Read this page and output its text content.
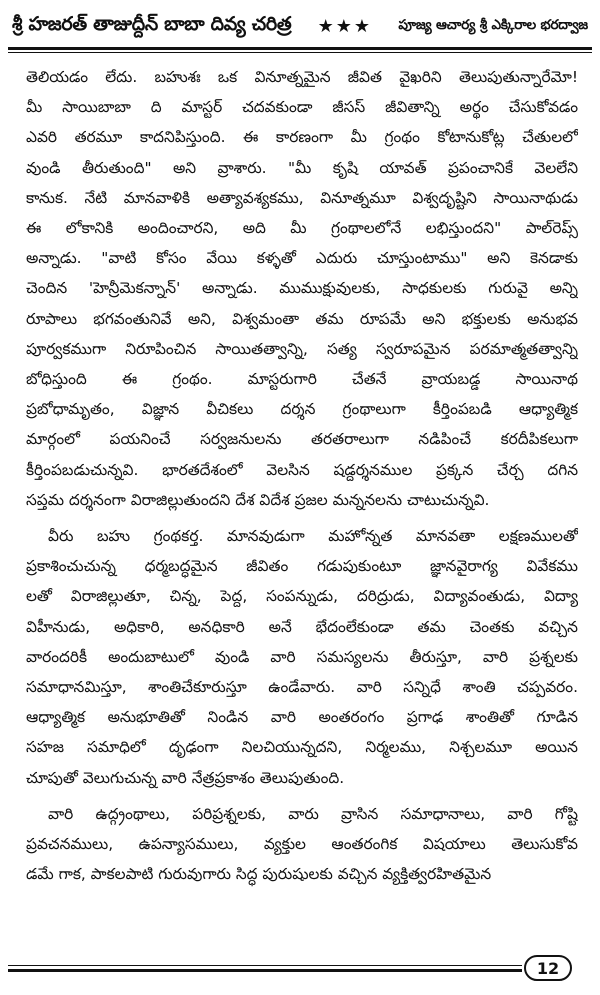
శ్రీ హజరత్ తాజుద్దీన్ బాబా దివ్య చరిత్ర ★★★ పూజ్య ఆచార్య శ్రీ ఎక్కిరాల భరద్వాజ

తెలియడం లేదు. బహుశః ఒక వినూత్నమైన జీవిత వైఖరిని తెలుపుతున్నారేమో!
మీ సాయిబాబా ది మాస్టర్ చదవకుండా జీసస్ జీవితాన్ని అర్థం చేసుకోవడం
ఎవరి తరమూ కాదనిపిస్తుంది. ఈ కారణంగా మీ గ్రంథం కోటానుకోట్ల చేతులలో
వుండి తీరుతుంది" అని వ్రాశారు. "మీ కృషి యావత్ ప్రపంచానికే వెలలేని
కానుక. నేటి మానవాళికి అత్యావశ్యకము, వినూత్నమూ విశ్వదృష్టిని సాయినాథుడు
ఈ లోకానికి అందించారని, అది మీ గ్రంథాలలోనే లభిస్తుందని" పాల్‌రెప్స్
అన్నాడు. "వాటి కోసం వేయి కళ్ళతో ఎదురు చూస్తుంటాము" అని కెనడాకు
చెందిన 'హెన్రీమెకన్నాన్' అన్నాడు. ముముక్షువులకు, సాధకులకు గురువై అన్ని
రూపాలు భగవంతునివే అని, విశ్వమంతా తమ రూపమే అని భక్తులకు అనుభవ
పూర్వకముగా నిరూపించిన సాయితత్వాన్ని, సత్య స్వరూపమైన పరమాత్మతత్వాన్ని
బోధిస్తుంది ఈ గ్రంథం. మాస్టరుగారి చేతనే వ్రాయబడ్డ సాయినాథ
ప్రబోధామృతం, విజ్ఞాన వీచికలు దర్శన గ్రంథాలుగా కీర్తింపబడి ఆధ్యాత్మిక
మార్గంలో పయనించే సర్వజనులను తరతరాలుగా నడిపించే కరదీపికలుగా
కీర్తింపబడుచున్నవి. భారతదేశంలో వెలసిన షడ్దర్శనముల ప్రక్కన చేర్చ దగిన
సప్తమ దర్శనంగా విరాజిల్లుతుందని దేశ విదేశ ప్రజల మన్ననలను చాటుచున్నవి.

వీరు బహు గ్రంథకర్త. మానవుడుగా మహోన్నత మానవతా లక్షణములతో
ప్రకాశించుచున్న ధర్మబద్ధమైన జీవితం గడుపుకుంటూ జ్ఞానవైరాగ్య వివేకము
లతో విరాజిల్లుతూ, చిన్న, పెద్ద, సంపన్నుడు, దరిద్రుడు, విద్యావంతుడు, విద్యా
విహీనుడు, అధికారి, అనధికారి అనే భేదంలేకుండా తమ చెంతకు వచ్చిన
వారందరికీ అందుబాటులో వుండి వారి సమస్యలను తీరుస్తూ, వారి ప్రశ్నలకు
సమాధానమిస్తూ, శాంతిచేకూరుస్తూ ఉండేవారు. వారి సన్నిధే శాంతి చప్పవరం.
ఆధ్యాత్మిక అనుభూతితో నిండిన వారి అంతరంగం ప్రగాఢ శాంతితో గూడిన
సహజ సమాధిలో దృఢంగా నిలచియున్నదని, నిర్మలము, నిశ్చలమూ అయిన
చూపుతో వెలుగుచున్న వారి నేత్రప్రకాశం తెలుపుతుంది.

వారి ఉద్గ్రంథాలు, పరిప్రశ్నలకు, వారు వ్రాసిన సమాధానాలు, వారి గోష్టి
ప్రవచనములు, ఉపన్యాసములు, వ్యక్తుల ఆంతరంగిక విషయాలు తెలుసుకోవ
డమే గాక, పాకలపాటి గురువుగారు సిద్ధ పురుషులకు వచ్చిన వ్యక్తిత్వరహితమైన

12
